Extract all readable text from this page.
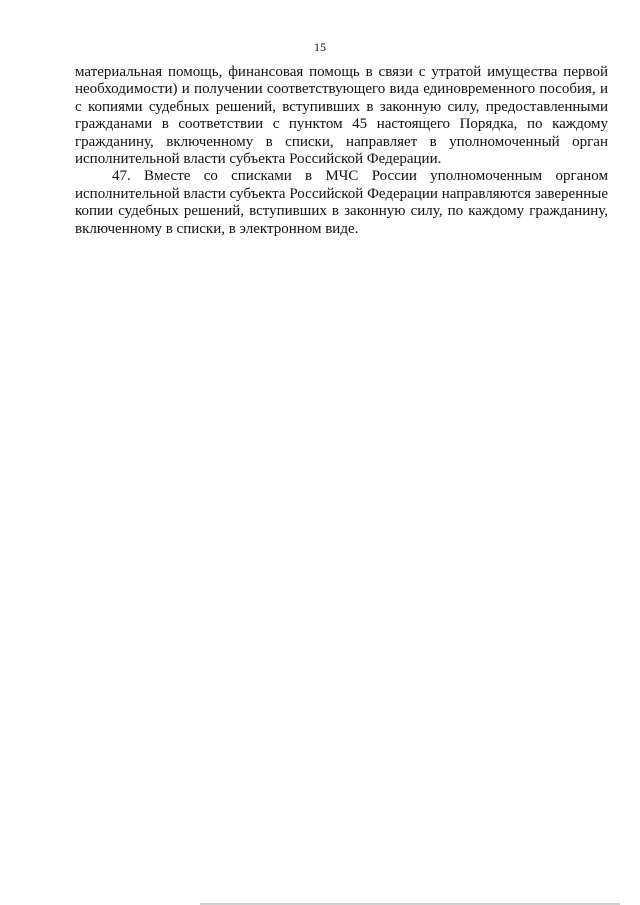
15

материальная помощь, финансовая помощь в связи с утратой имущества первой необходимости) и получении соответствующего вида единовременного пособия, и с копиями судебных решений, вступивших в законную силу, предоставленными гражданами в соответствии с пунктом 45 настоящего Порядка, по каждому гражданину, включенному в списки, направляет в уполномоченный орган исполнительной власти субъекта Российской Федерации.

47. Вместе со списками в МЧС России уполномоченным органом исполнительной власти субъекта Российской Федерации направляются заверенные копии судебных решений, вступивших в законную силу, по каждому гражданину, включенному в списки, в электронном виде.
